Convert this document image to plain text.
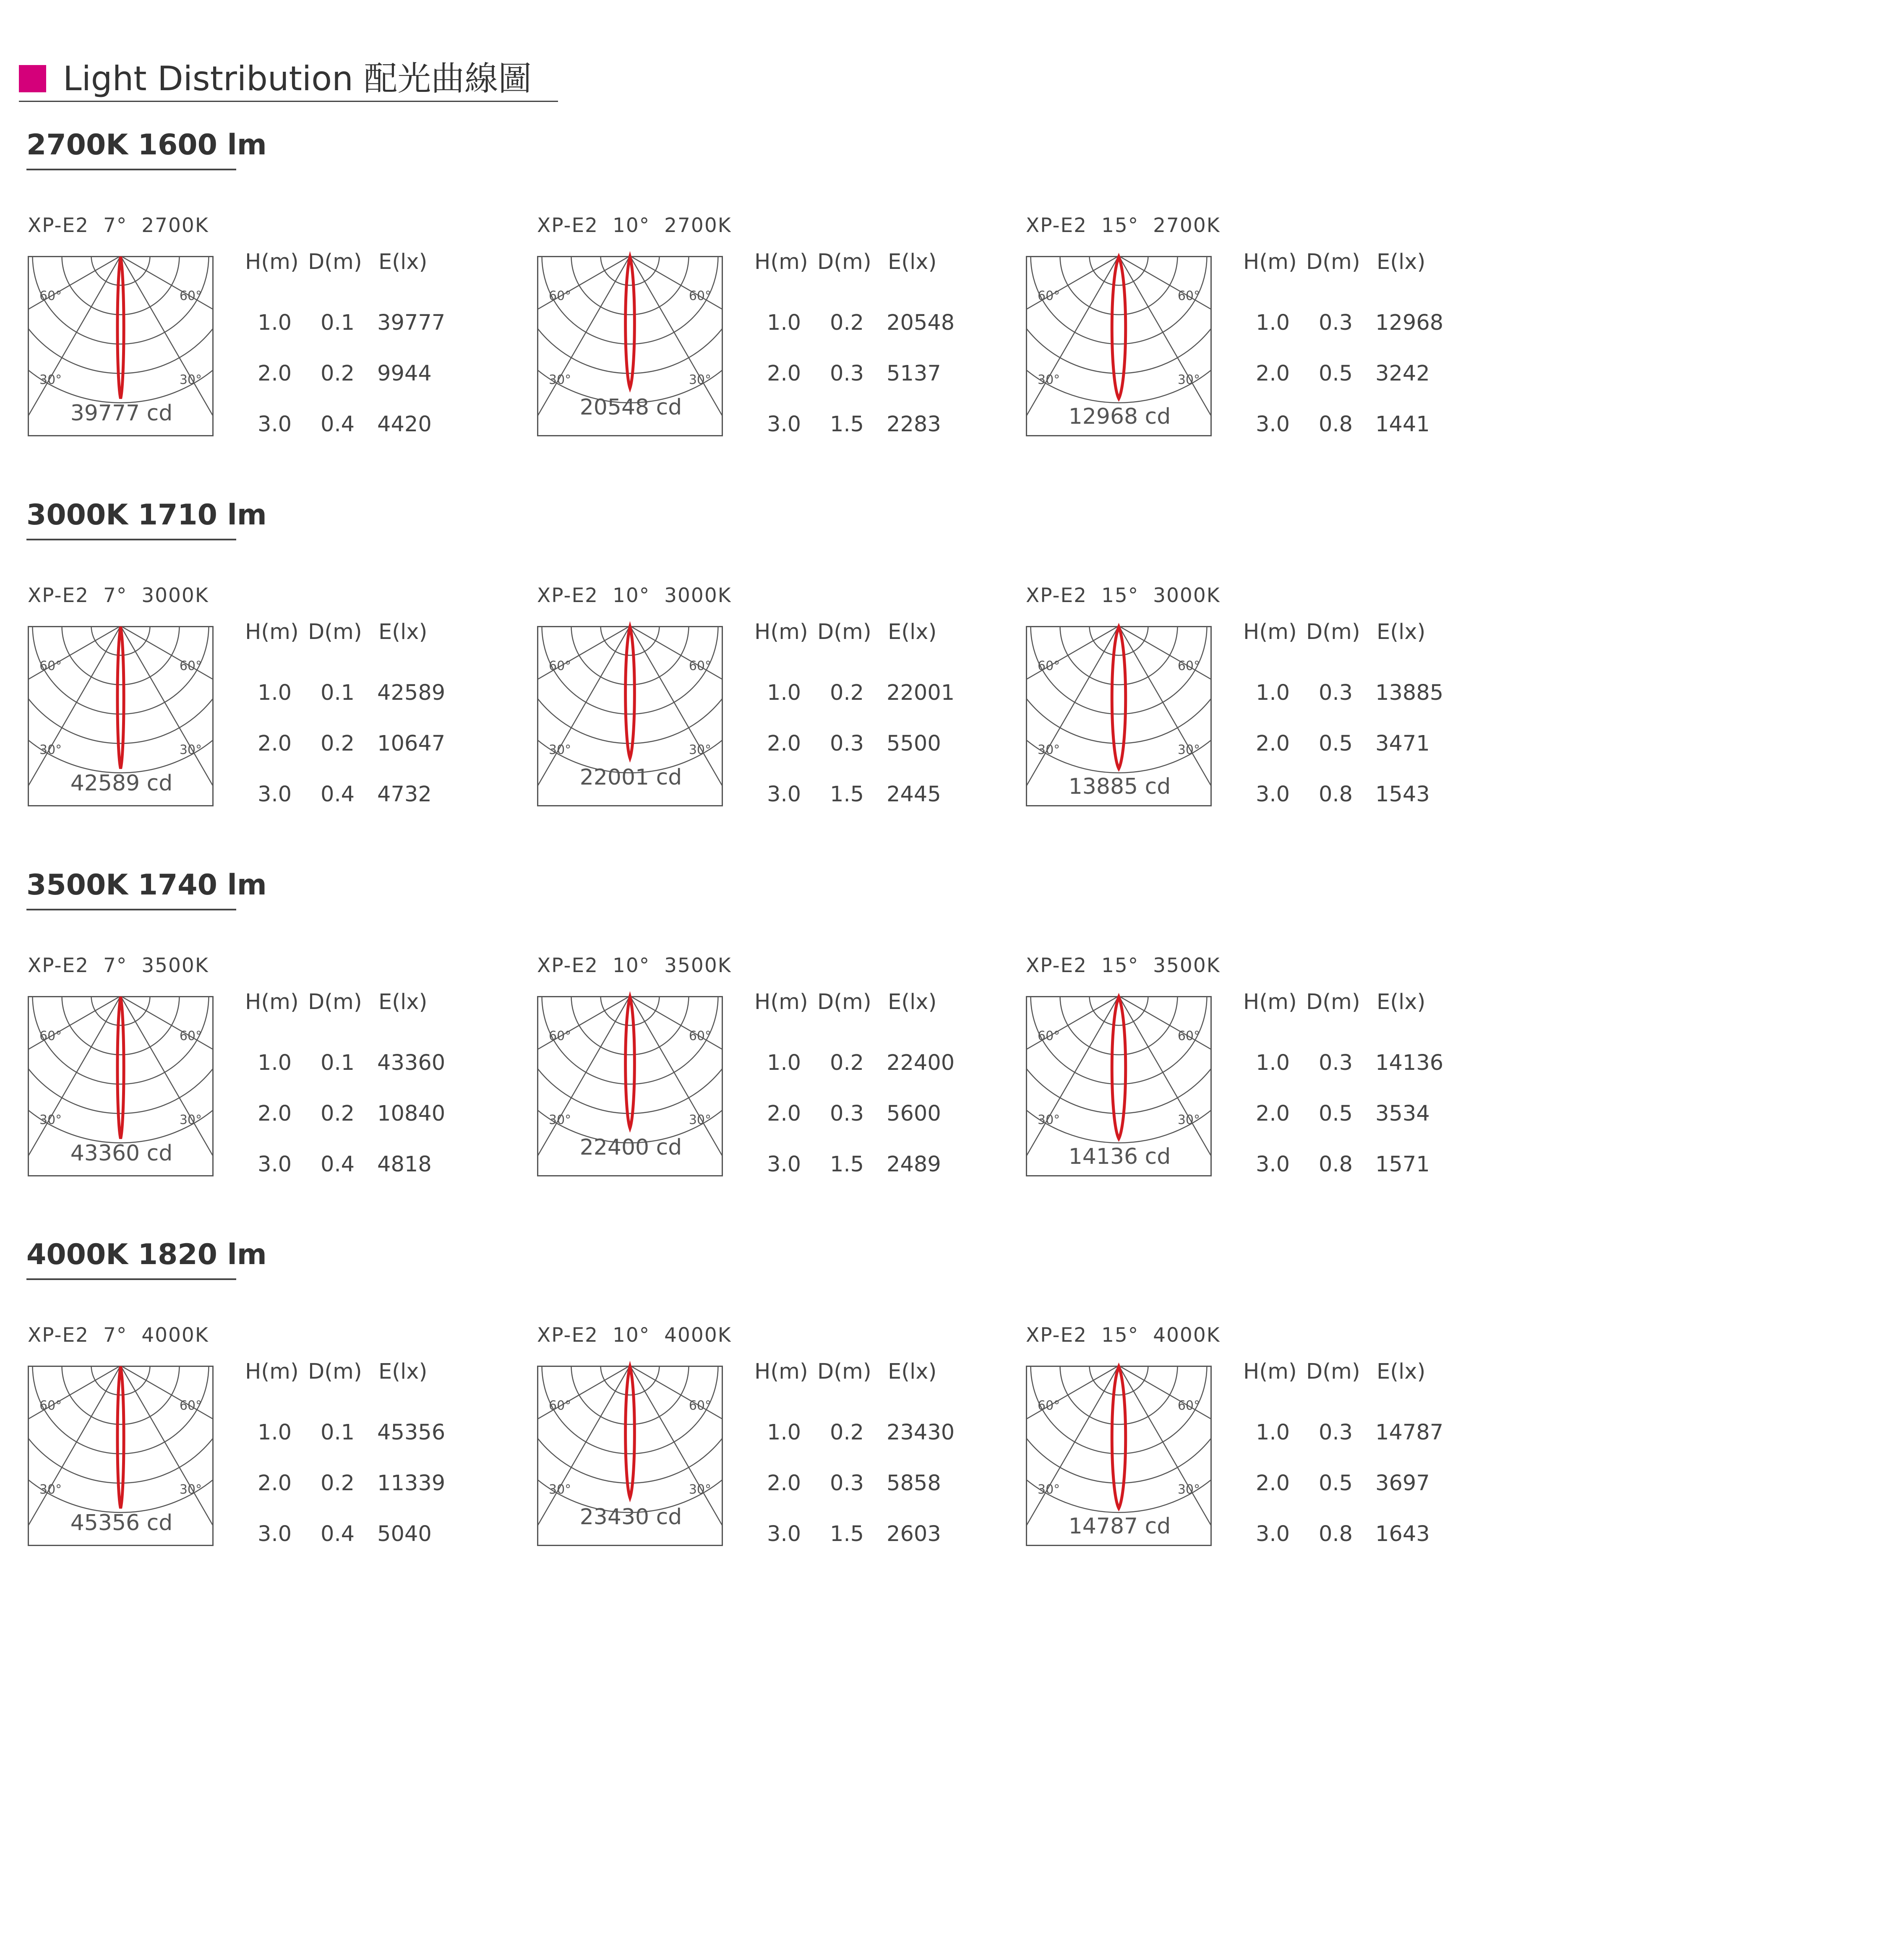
Light Distribution 配光曲線圖
2700K 1600 lm
XP-E2  7°  2700K
60°	60°
30°	30°
39777 cd
H(m) D(m) E(lx)
1.0 0.1 39777
2.0 0.2 9944
3.0 0.4 4420
XP-E2  10°  2700K
60°	60°
30°	30°
20548 cd
H(m) D(m) E(lx)
1.0 0.2 20548
2.0 0.3 5137
3.0 1.5 2283
XP-E2  15°  2700K
60°	60°
30°	30°
12968 cd
H(m) D(m) E(lx)
1.0 0.3 12968
2.0 0.5 3242
3.0 0.8 1441
3000K 1710 lm
XP-E2  7°  3000K
60°	60°
30°	30°
42589 cd
H(m) D(m) E(lx)
1.0 0.1 42589
2.0 0.2 10647
3.0 0.4 4732
XP-E2  10°  3000K
60°	60°
30°	30°
22001 cd
H(m) D(m) E(lx)
1.0 0.2 22001
2.0 0.3 5500
3.0 1.5 2445
XP-E2  15°  3000K
60°	60°
30°	30°
13885 cd
H(m) D(m) E(lx)
1.0 0.3 13885
2.0 0.5 3471
3.0 0.8 1543
3500K 1740 lm
XP-E2  7°  3500K
60°	60°
30°	30°
43360 cd
H(m) D(m) E(lx)
1.0 0.1 43360
2.0 0.2 10840
3.0 0.4 4818
XP-E2  10°  3500K
60°	60°
30°	30°
22400 cd
H(m) D(m) E(lx)
1.0 0.2 22400
2.0 0.3 5600
3.0 1.5 2489
XP-E2  15°  3500K
60°	60°
30°	30°
14136 cd
H(m) D(m) E(lx)
1.0 0.3 14136
2.0 0.5 3534
3.0 0.8 1571
4000K 1820 lm
XP-E2  7°  4000K
60°	60°
30°	30°
45356 cd
H(m) D(m) E(lx)
1.0 0.1 45356
2.0 0.2 11339
3.0 0.4 5040
XP-E2  10°  4000K
60°	60°
30°	30°
23430 cd
H(m) D(m) E(lx)
1.0 0.2 23430
2.0 0.3 5858
3.0 1.5 2603
XP-E2  15°  4000K
60°	60°
30°	30°
14787 cd
H(m) D(m) E(lx)
1.0 0.3 14787
2.0 0.5 3697
3.0 0.8 1643
